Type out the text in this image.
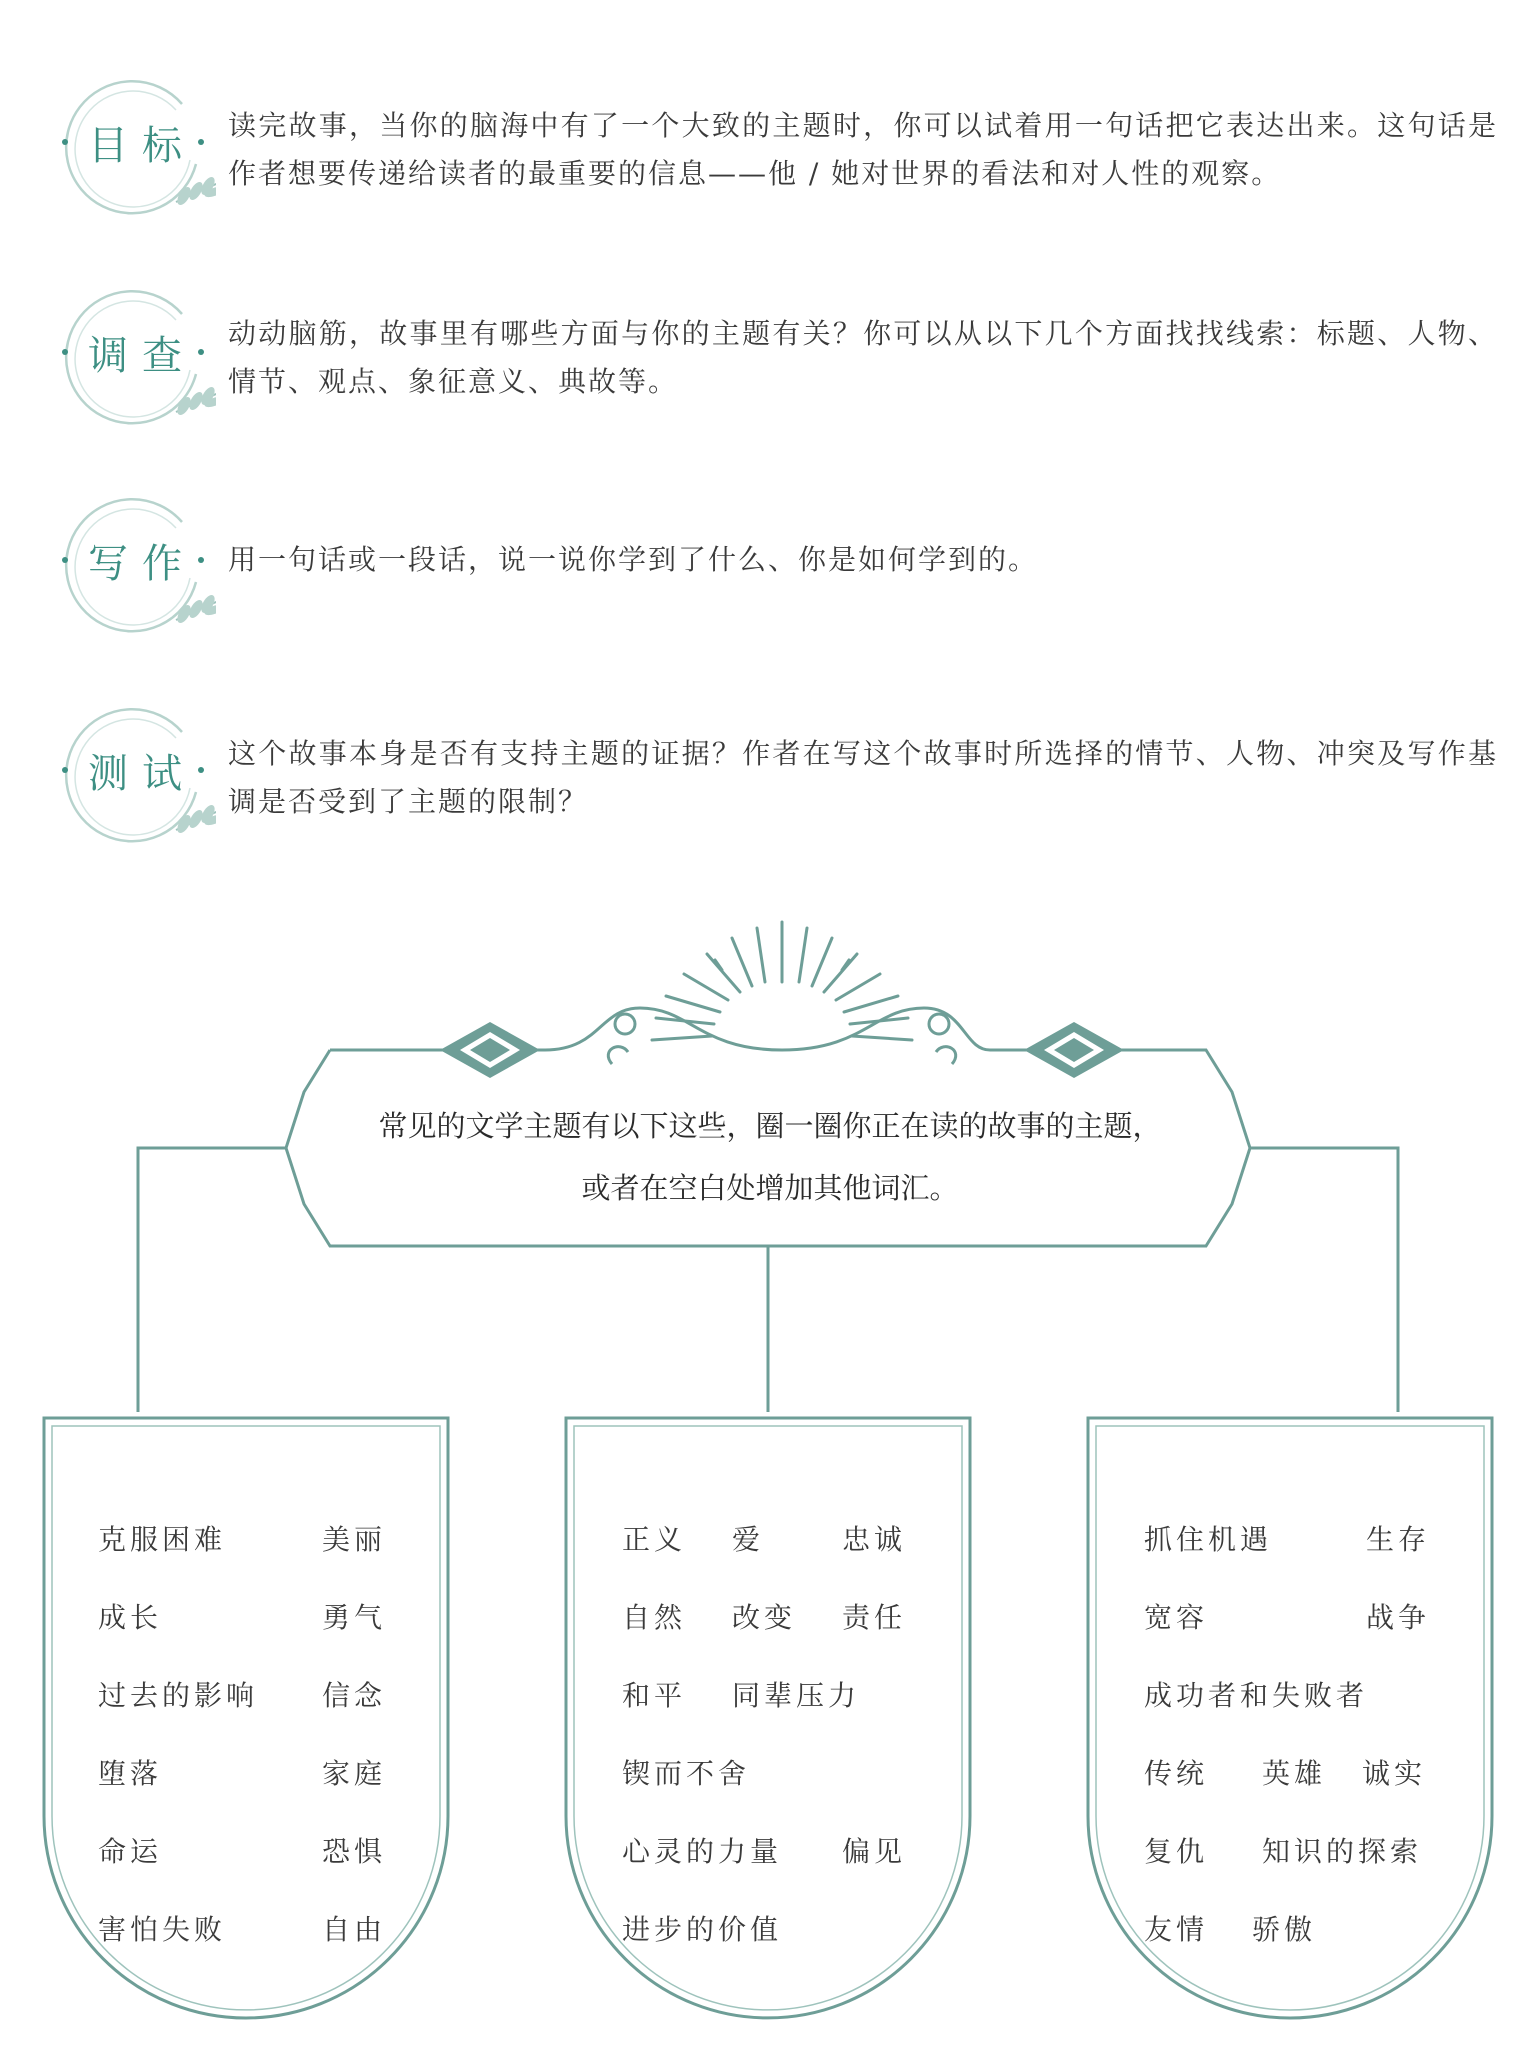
目标	读完故事，当你的脑海中有了一个大致的主题时，你可以试着用一句话把它表达出来。这句话是作者想要传递给读者的最重要的信息——他 / 她对世界的看法和对人性的观察。
调查	动动脑筋，故事里有哪些方面与你的主题有关？你可以从以下几个方面找找线索：标题、人物、情节、观点、象征意义、典故等。
写作	用一句话或一段话，说一说你学到了什么、你是如何学到的。
测试	这个故事本身是否有支持主题的证据？作者在写这个故事时所选择的情节、人物、冲突及写作基调是否受到了主题的限制？
常见的文学主题有以下这些，圈一圈你正在读的故事的主题，
或者在空白处增加其他词汇。
克服困难	美丽
成长	勇气
过去的影响 信念
堕落	家庭
命运	恐惧
害怕失败	自由
正义 爱	忠诚
自然 改变 责任
和平 同辈压力
锲而不舍
心灵的力量 偏见
进步的价值
抓住机遇	生存
宽容	战争
成功者和失败者
传统 英雄 诚实
复仇 知识的探索
友情 骄傲
